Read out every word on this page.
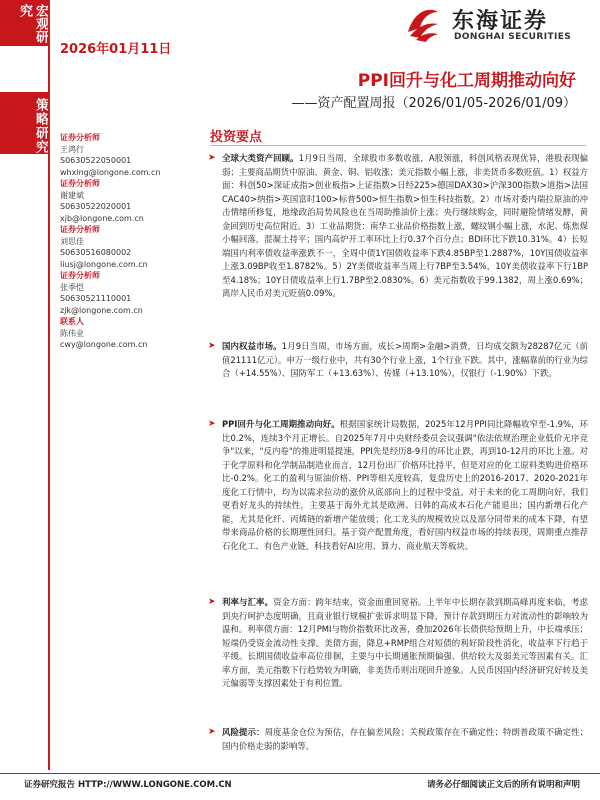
宏观研究
策略研究
2026年01月11日
东海证券
DONGHAI SECURITIES
PPI回升与化工周期推动向好
——资产配置周报（2026/01/05-2026/01/09）
证券分析师
王鸿行
S0630522050001
whxing@longone.com.cn
证券分析师
谢建斌
S0630522020001
xjb@longone.com.cn
证券分析师
刘思佳
S0630516080002
liusj@longone.com.cn
证券分析师
张季恺
S0630521110001
zjk@longone.com.cn
联系人
陈伟业
cwy@longone.com.cn
投资要点
➤ 全球大类资产回顾。1月9日当周，全球股市多数收涨，A股领涨，科创风格表现优异，港股表现偏弱；主要商品期货中原油、黄金、铜、铝收涨；美元指数小幅上涨，非美货币多数贬值。1）权益方面：科创50>深证成指>创业板指>上证指数>日经225>德国DAX30>沪深300指数>道指>法国CAC40>纳指>英国富时100>标普500>恒生指数>恒生科技指数。2）市场对委内瑞拉原油的冲击情绪所修复，地缘政治局势风险也在当周助推油价上涨；央行继续购金，同时避险情绪发酵，黄金回到历史高位附近。3）工业品期货：南华工业品价格指数上涨，螺纹钢小幅上涨，水泥、炼焦煤小幅回落，混凝土持平；国内高炉开工率环比上行0.37个百分点；BDI环比下跌10.31%。4）长短端国内利率债收益率涨跌不一，全周中债1Y国债收益率下跌4.85BP至1.2887%，10Y国债收益率上涨3.09BP收至1.8782%。5）2Y美债收益率当周上行7BP至3.54%，10Y美债收益率下行1BP至4.18%；10Y日债收益率上行1.7BP至2.0830%。6）美元指数收于99.1382，周上涨0.69%；离岸人民币对美元贬值0.09%。
➤ 国内权益市场。1月9日当周，市场方面，成长>周期>金融>消费，日均成交额为28287亿元（前值21111亿元）。申万一级行业中，共有30个行业上涨，1个行业下跌。其中，涨幅靠前的行业为综合（+14.55%）、国防军工（+13.63%）、传媒（+13.10%），仅银行（-1.90%）下跌。
➤ PPI回升与化工周期推动向好。根据国家统计局数据，2025年12月PPI同比降幅收窄至-1.9%，环比0.2%，连续3个月正增长。自2025年7月中央财经委员会议强调"依法依规治理企业低价无序竞争"以来，"反内卷"的推进明显提速，PPI先是经历8-9月的环比止跌，再到10-12月的环比上涨。对于化学原料和化学制品制造业而言，12月份出厂价格环比持平，但是对应的化工原料类购进价格环比-0.2%。化工的盈利与原油价格、PPI等相关度较高，复盘历史上的2016-2017、2020-2021年度化工行情中，均为以需求拉动的涨价从底部向上的过程中受益。对于未来的化工周期向好，我们更看好龙头的持续性，主要基于海外尤其是欧洲、日韩的高成本石化产能退出；国内新增石化产能，尤其是化纤、丙烯链的新增产能放缓；化工龙头的规模效应以及部分同带来的成本下降，有望带来商品价格的长期理性回归。基于资产配置角度，看好国内权益市场的持续表现，周期重点推荐石化化工、有色产业链，科技看好AI应用、算力、商业航天等板块。
➤ 利率与汇率。资金方面：跨年结束，资金面重回宽裕。上半年中长期存款到期高峰再度来临，考虑到央行呵护态度明确，且商业银行规模扩张诉求明显下降，预计存款到期压力对流动性的影响较为温和。利率债方面：12月PMI与物价指数环比改善，叠加2026年长债供给预期上升，中长端承压；短端仍受资金流动性支撑。美债方面，降息+RMP组合对短债的利好阶段性消化，收益率下行趋于平缓。长期国债收益率高位徘徊，主要与中长期通胀预期偏强、供给较大及弱美元等因素有关。汇率方面，美元指数下行趋势较为明确，非美货币则出现回升迹象。人民币因国内经济研究好转及美元偏弱等支撑因素处于有利位置。
➤ 风险提示：周度基金仓位为预估，存在偏差风险；关税政策存在不确定性；特朗普政策不确定性；国内价格走弱的影响等。
证券研究报告 HTTP://WWW.LONGONE.COM.CN	请务必仔细阅读正文后的所有说明和声明
